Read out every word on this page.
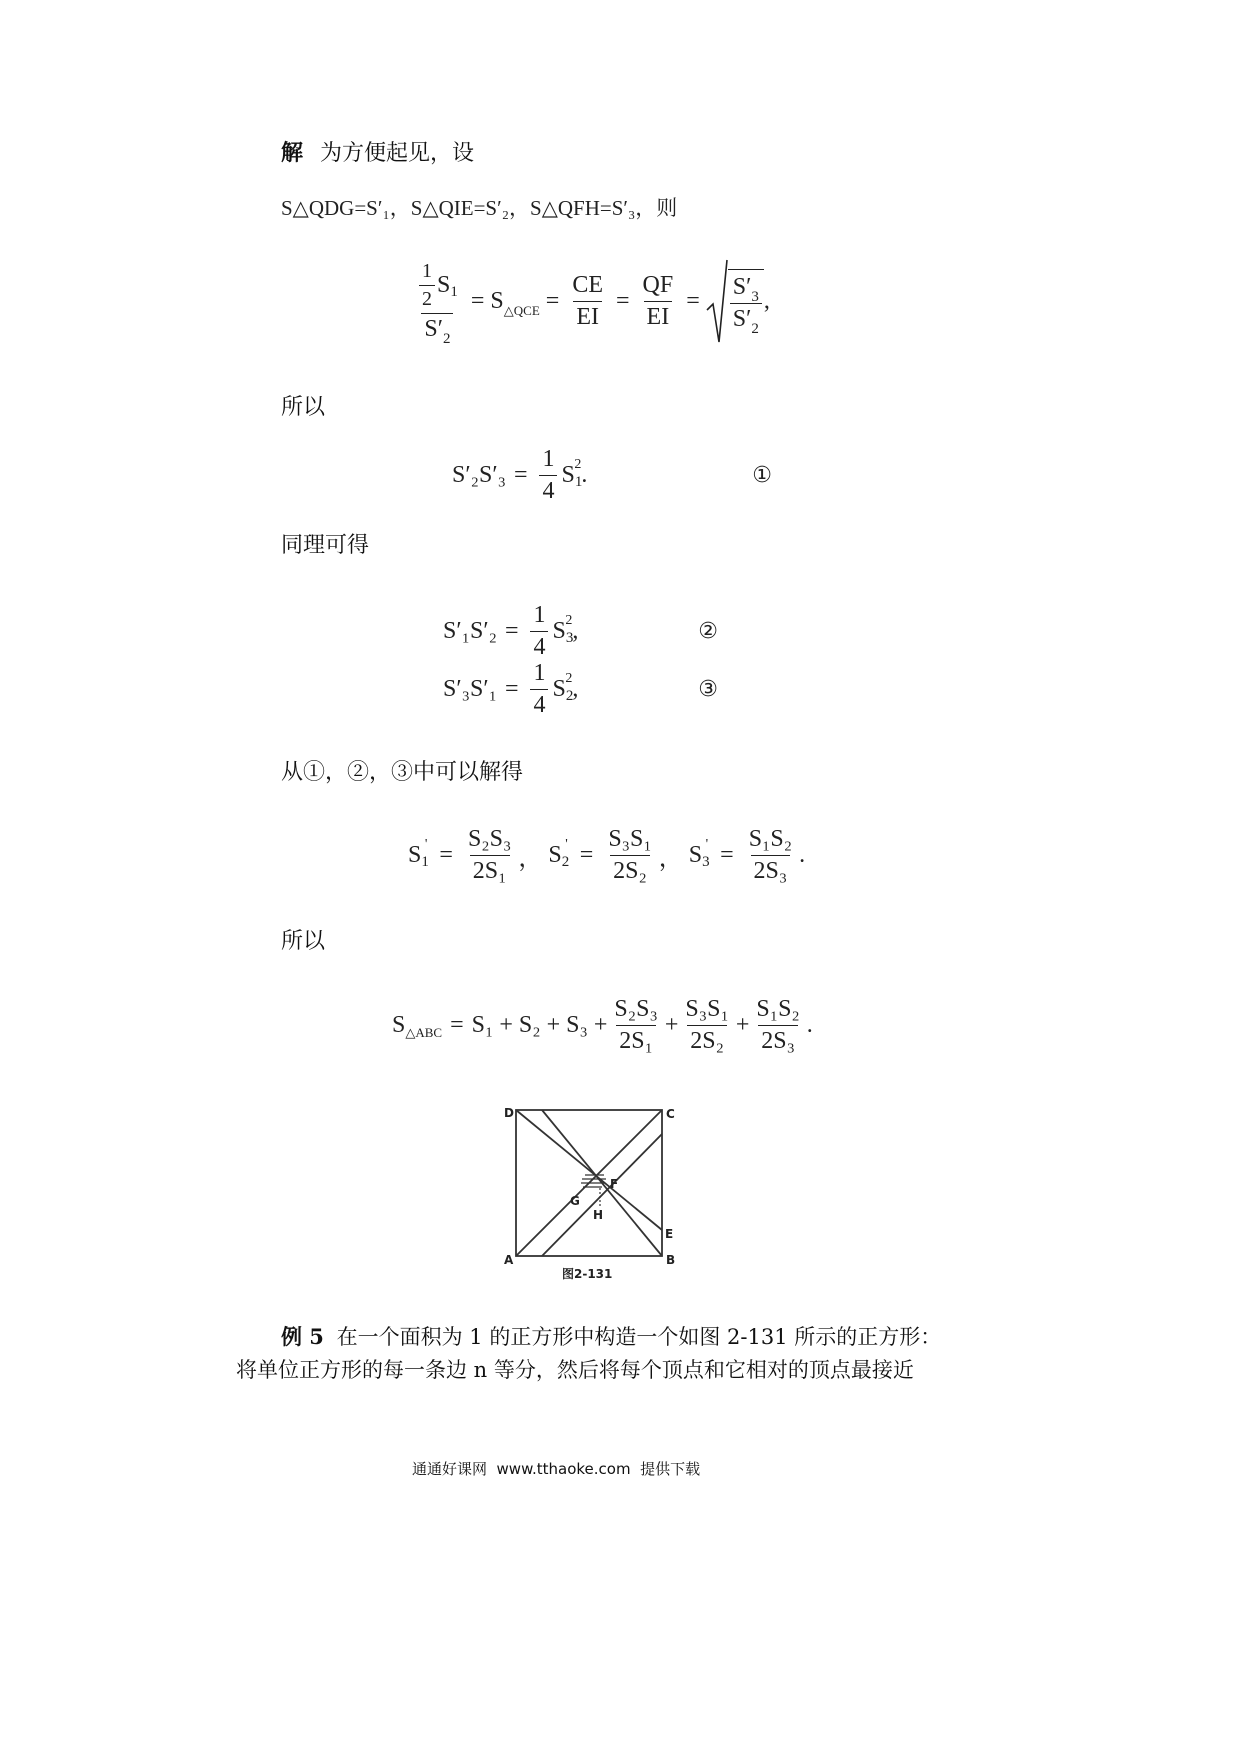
解 为方便起见，设
S△QDG=S′₁，S△QIE=S′₂，S△QFH=S′₃，则
$\frac{\frac{1}{2} S 1}{S'_2} = S_{\triangle QCE} = \frac{CE}{EI} = \frac{QF}{EI} = \frac{S'_3}{S'_2}$ ,
所以
$S'_2S'_3 = \frac{1}{4}$ S 1
2 .	①
同理可得
$S'_1S'_2 = \frac{1}{4}$ S 3
2 ,	②
$S'_3S'_1 = \frac{1}{4}$ S 2
2 ,	③
从①，②，③中可以解得
S 1
' = $\frac{\text{S₂S₃}}{\text{2S₁}}$ ， S 2
' = $\frac{\text{S₃S₁}}{\text{2S₂}}$ ， S 3
' = $\frac{\text{S₁S₂}}{\text{2S₃}}$ .
所以
S △ABC = $S_1 + S_2 + S_3 + \frac{\text{S₂S₃}}{\text{2S₁}} + \frac{\text{S₃S₁}}{\text{2S₂}} + \frac{\text{S₁S₂}}{\text{2S₃}}$ .
A	B
C
D
E
F
G
H
图2-131
例 5 在一个面积为 1 的正方形中构造一个如图 2-131 所示的正方形：
将单位正方形的每一条边 n 等分，然后将每个顶点和它相对的顶点最接近
通通好课网  www.tthaoke.com  提供下载
